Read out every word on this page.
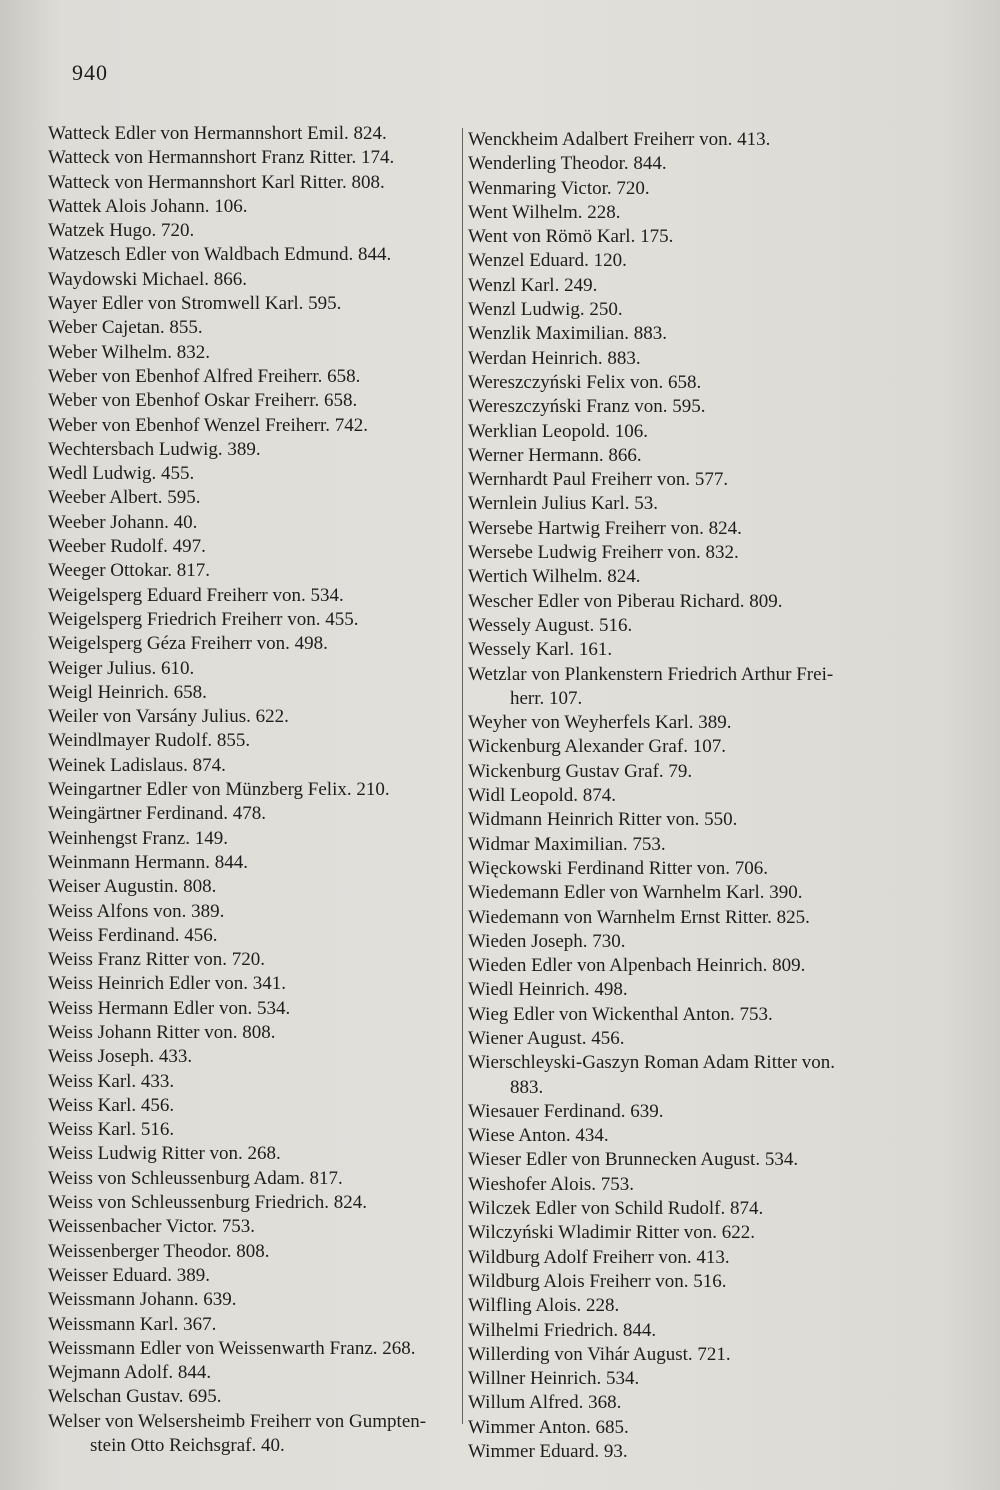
940
Watteck Edler von Hermannshort Emil. 824.
Watteck von Hermannshort Franz Ritter. 174.
Watteck von Hermannshort Karl Ritter. 808.
Wattek Alois Johann. 106.
Watzek Hugo. 720.
Watzesch Edler von Waldbach Edmund. 844.
Waydowski Michael. 866.
Wayer Edler von Stromwell Karl. 595.
Weber Cajetan. 855.
Weber Wilhelm. 832.
Weber von Ebenhof Alfred Freiherr. 658.
Weber von Ebenhof Oskar Freiherr. 658.
Weber von Ebenhof Wenzel Freiherr. 742.
Wechtersbach Ludwig. 389.
Wedl Ludwig. 455.
Weeber Albert. 595.
Weeber Johann. 40.
Weeber Rudolf. 497.
Weeger Ottokar. 817.
Weigelsperg Eduard Freiherr von. 534.
Weigelsperg Friedrich Freiherr von. 455.
Weigelsperg Géza Freiherr von. 498.
Weiger Julius. 610.
Weigl Heinrich. 658.
Weiler von Varsány Julius. 622.
Weindlmayer Rudolf. 855.
Weinek Ladislaus. 874.
Weingartner Edler von Münzberg Felix. 210.
Weingärtner Ferdinand. 478.
Weinhengst Franz. 149.
Weinmann Hermann. 844.
Weiser Augustin. 808.
Weiss Alfons von. 389.
Weiss Ferdinand. 456.
Weiss Franz Ritter von. 720.
Weiss Heinrich Edler von. 341.
Weiss Hermann Edler von. 534.
Weiss Johann Ritter von. 808.
Weiss Joseph. 433.
Weiss Karl. 433.
Weiss Karl. 456.
Weiss Karl. 516.
Weiss Ludwig Ritter von. 268.
Weiss von Schleussenburg Adam. 817.
Weiss von Schleussenburg Friedrich. 824.
Weissenbacher Victor. 753.
Weissenberger Theodor. 808.
Weisser Eduard. 389.
Weissmann Johann. 639.
Weissmann Karl. 367.
Weissmann Edler von Weissenwarth Franz. 268.
Wejmann Adolf. 844.
Welschan Gustav. 695.
Welser von Welsersheimb Freiherr von Gumpten-
stein Otto Reichsgraf. 40.
Wenckheim Adalbert Freiherr von. 413.
Wenderling Theodor. 844.
Wenmaring Victor. 720.
Went Wilhelm. 228.
Went von Römö Karl. 175.
Wenzel Eduard. 120.
Wenzl Karl. 249.
Wenzl Ludwig. 250.
Wenzlik Maximilian. 883.
Werdan Heinrich. 883.
Wereszczyński Felix von. 658.
Wereszczyński Franz von. 595.
Werklian Leopold. 106.
Werner Hermann. 866.
Wernhardt Paul Freiherr von. 577.
Wernlein Julius Karl. 53.
Wersebe Hartwig Freiherr von. 824.
Wersebe Ludwig Freiherr von. 832.
Wertich Wilhelm. 824.
Wescher Edler von Piberau Richard. 809.
Wessely August. 516.
Wessely Karl. 161.
Wetzlar von Plankenstern Friedrich Arthur Frei-
herr. 107.
Weyher von Weyherfels Karl. 389.
Wickenburg Alexander Graf. 107.
Wickenburg Gustav Graf. 79.
Widl Leopold. 874.
Widmann Heinrich Ritter von. 550.
Widmar Maximilian. 753.
Więckowski Ferdinand Ritter von. 706.
Wiedemann Edler von Warnhelm Karl. 390.
Wiedemann von Warnhelm Ernst Ritter. 825.
Wieden Joseph. 730.
Wieden Edler von Alpenbach Heinrich. 809.
Wiedl Heinrich. 498.
Wieg Edler von Wickenthal Anton. 753.
Wiener August. 456.
Wierschleyski-Gaszyn Roman Adam Ritter von.
883.
Wiesauer Ferdinand. 639.
Wiese Anton. 434.
Wieser Edler von Brunnecken August. 534.
Wieshofer Alois. 753.
Wilczek Edler von Schild Rudolf. 874.
Wilczyński Wladimir Ritter von. 622.
Wildburg Adolf Freiherr von. 413.
Wildburg Alois Freiherr von. 516.
Wilfling Alois. 228.
Wilhelmi Friedrich. 844.
Willerding von Vihár August. 721.
Willner Heinrich. 534.
Willum Alfred. 368.
Wimmer Anton. 685.
Wimmer Eduard. 93.
